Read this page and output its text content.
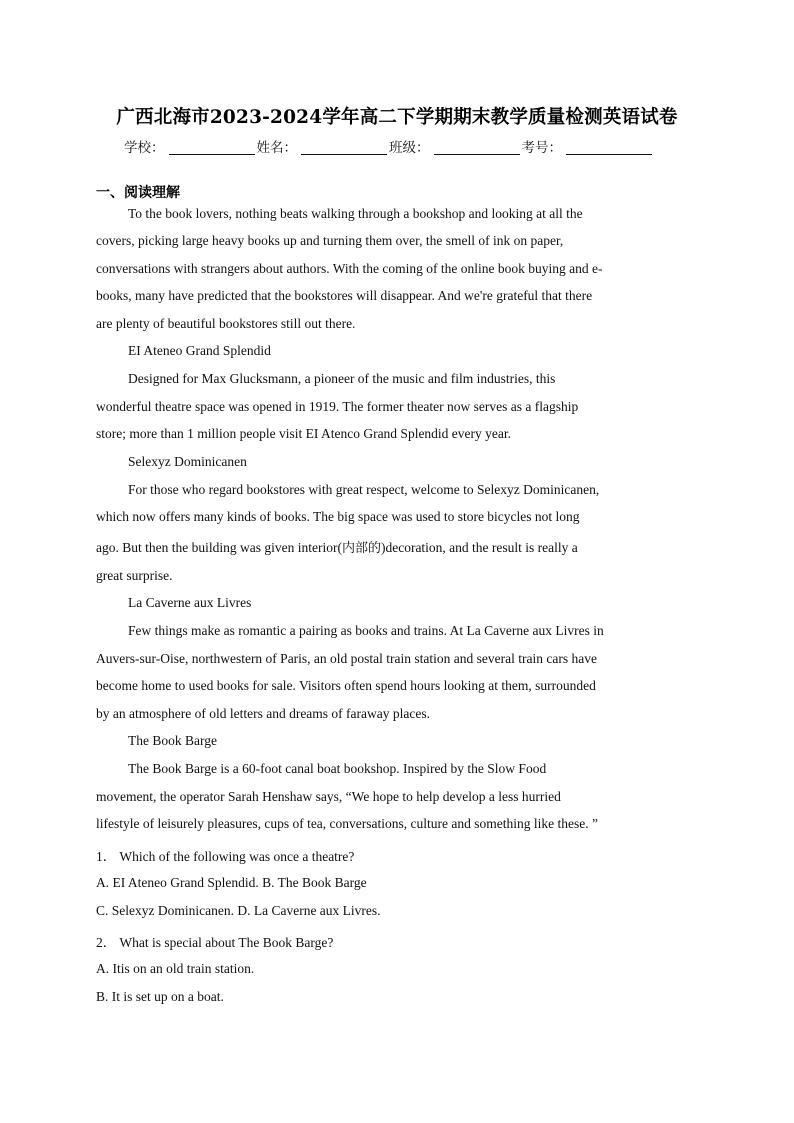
广西北海市2023-2024学年高二下学期期末教学质量检测英语试卷
学校：	姓名：	班级：	考号：
一、阅读理解
To the book lovers, nothing beats walking through a bookshop and looking at all the
covers, picking large heavy books up and turning them over, the smell of ink on paper,
conversations with strangers about authors. With the coming of the online book buying and e-
books, many have predicted that the bookstores will disappear. And we're grateful that there
are plenty of beautiful bookstores still out there.
EI Ateneo Grand Splendid
Designed for Max Glucksmann, a pioneer of the music and film industries, this
wonderful theatre space was opened in 1919. The former theater now serves as a flagship
store; more than 1 million people visit EI Atenco Grand Splendid every year.
Selexyz Dominicanen
For those who regard bookstores with great respect, welcome to Selexyz Dominicanen,
which now offers many kinds of books. The big space was used to store bicycles not long
ago. But then the building was given interior(内部的)decoration, and the result is really a
great surprise.
La Caverne aux Livres
Few things make as romantic a pairing as books and trains. At La Caverne aux Livres in
Auvers-sur-Oise, northwestern of Paris, an old postal train station and several train cars have
become home to used books for sale. Visitors often spend hours looking at them, surrounded
by an atmosphere of old letters and dreams of faraway places.
The Book Barge
The Book Barge is a 60-foot canal boat bookshop. Inspired by the Slow Food
movement, the operator Sarah Henshaw says, “We hope to help develop a less hurried
lifestyle of leisurely pleasures, cups of tea, conversations, culture and something like these. ”
1． Which of the following was once a theatre?
A. EI Ateneo Grand Splendid. B. The Book Barge
C. Selexyz Dominicanen. D. La Caverne aux Livres.
2． What is special about The Book Barge?
A. Itis on an old train station.
B. It is set up on a boat.
